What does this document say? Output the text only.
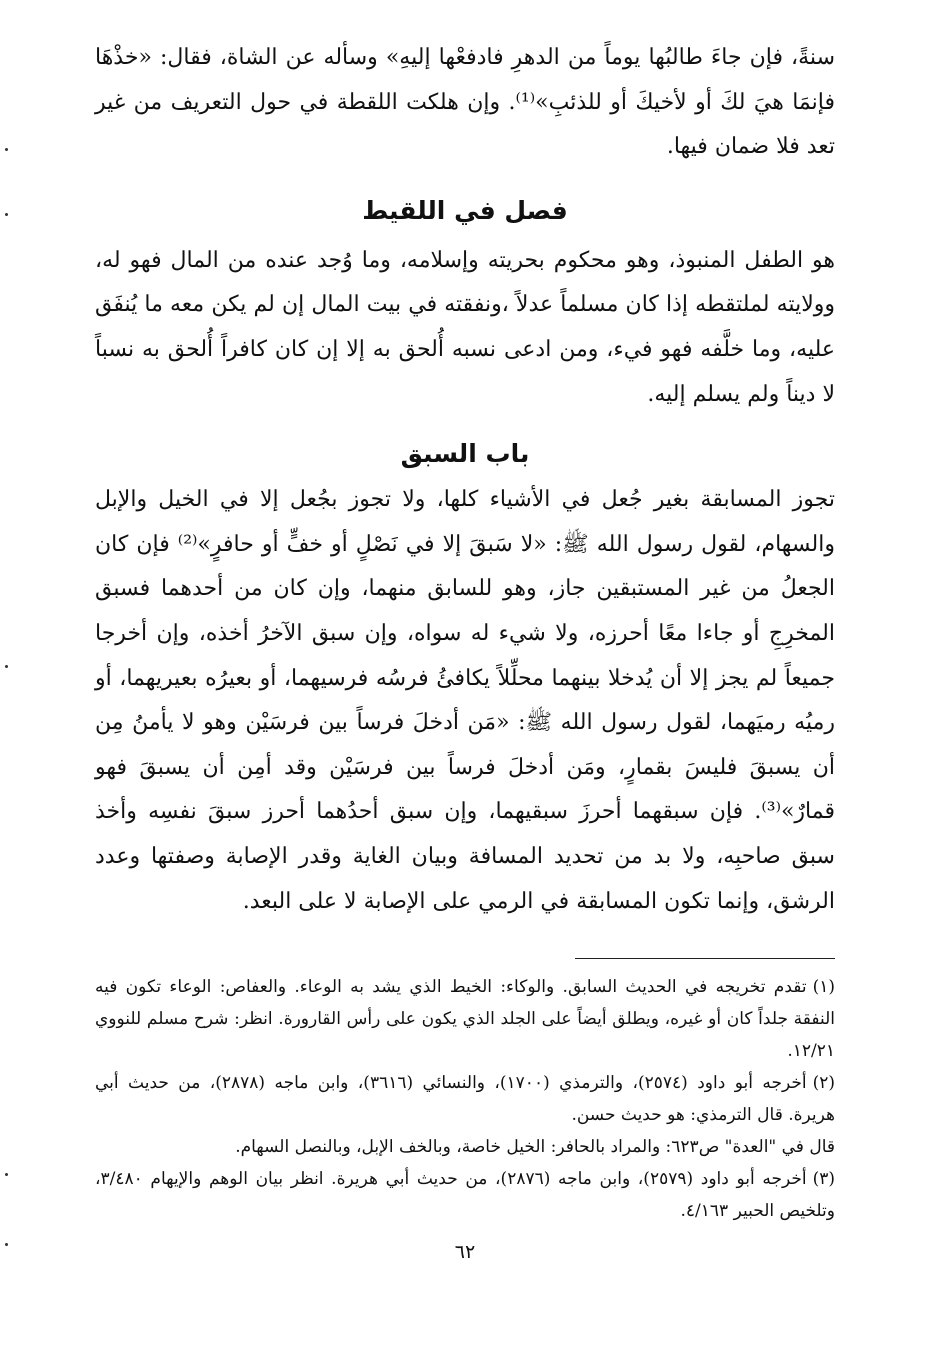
سنةً، فإن جاءَ طالبُها يوماً من الدهرِ فادفعْها إليهِ» وسأله عن الشاة، فقال: «خذْهَا فإنمَا هيَ لكَ أو لأخيكَ أو للذئبِ»⁽¹⁾. وإن هلكت اللقطة في حول التعريف من غير تعد فلا ضمان فيها.

فصل في اللقيط

هو الطفل المنبوذ، وهو محكوم بحريته وإسلامه، وما وُجد عنده من المال فهو له، وولايته لملتقطه إذا كان مسلماً عدلاً ،ونفقته في بيت المال إن لم يكن معه ما يُنفَق عليه، وما خلَّفه فهو فيء، ومن ادعى نسبه أُلحق به إلا إن كان كافراً أُلحق به نسباً لا ديناً ولم يسلم إليه.

باب السبق

تجوز المسابقة بغير جُعل في الأشياء كلها، ولا تجوز بجُعل إلا في الخيل والإبل والسهام، لقول رسول الله ﷺ: «لا سَبقَ إلا في نَصْلٍ أو خفٍّ أو حافرٍ»⁽²⁾ فإن كان الجعلُ من غير المستبقين جاز، وهو للسابق منهما، وإن كان من أحدهما فسبق المخرِجِ أو جاءا معًا أحرزه، ولا شيء له سواه، وإن سبق الآخرُ أخذه، وإن أخرجا جميعاً لم يجز إلا أن يُدخلا بينهما محلِّلاً يكافئُ فرسُه فرسيهما، أو بعيرُه بعيريهما، أو رميُه رميَهما، لقول رسول الله ﷺ: «مَن أدخلَ فرساً بين فرسَيْن وهو لا يأمنُ مِن أن يسبقَ فليسَ بقمارٍ، ومَن أدخلَ فرساً بين فرسَيْن وقد أمِن أن يسبقَ فهو قمارٌ»⁽³⁾. فإن سبقهما أحرزَ سبقيهما، وإن سبق أحدُهما أحرز سبقَ نفسِه وأخذ سبق صاحبِه، ولا بد من تحديد المسافة وبيان الغاية وقدر الإصابة وصفتها وعدد الرشق، وإنما تكون المسابقة في الرمي على الإصابة لا على البعد.

(١)تقدم تخريجه في الحديث السابق. والوكاء: الخيط الذي يشد به الوعاء. والعفاص: الوعاء تكون فيه النفقة جلداً كان أو غيره، ويطلق أيضاً على الجلد الذي يكون على رأس القارورة. انظر: شرح مسلم للنووي ١٢/٢١.

(٢)أخرجه أبو داود (٢٥٧٤)، والترمذي (١٧٠٠)، والنسائي (٣٦١٦)، وابن ماجه (٢٨٧٨)، من حديث أبي هريرة. قال الترمذي: هو حديث حسن.

قال في "العدة" ص٦٢٣: والمراد بالحافر: الخيل خاصة، وبالخف الإبل، وبالنصل السهام.

(٣)أخرجه أبو داود (٢٥٧٩)، وابن ماجه (٢٨٧٦)، من حديث أبي هريرة. انظر بيان الوهم والإيهام ٣/٤٨٠، وتلخيص الحبير ٤/١٦٣.

٦٢
